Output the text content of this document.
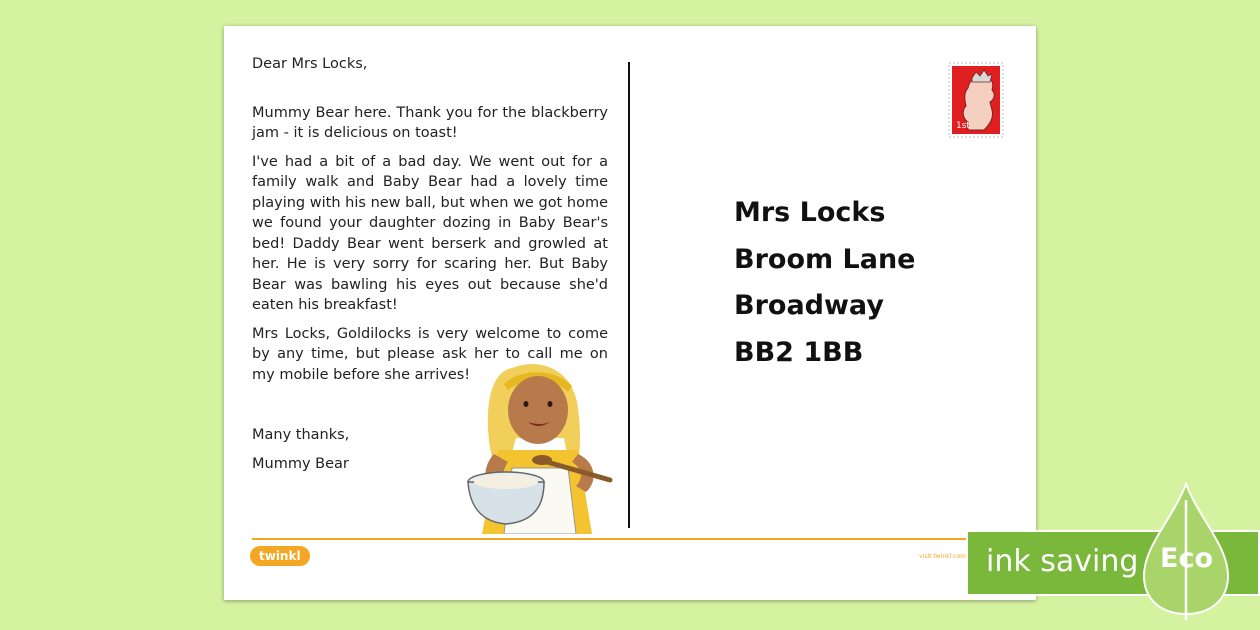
Dear Mrs Locks,

Mummy Bear here. Thank you for the blackberry jam - it is delicious on toast!

I've had a bit of a bad day. We went out for a family walk and Baby Bear had a lovely time playing with his new ball, but when we got home we found your daughter dozing in Baby Bear's bed! Daddy Bear went berserk and growled at her. He is very sorry for scaring her. But Baby Bear was bawling his eyes out because she'd eaten his breakfast!

Mrs Locks, Goldilocks is very welcome to come by any time, but please ask her to call me on my mobile before she arrives!

Many thanks,

Mummy Bear

1st
Mrs Locks
Broom Lane
Broadway
BB2 1BB
twinkl	visit twinkl.com ink saving Eco
